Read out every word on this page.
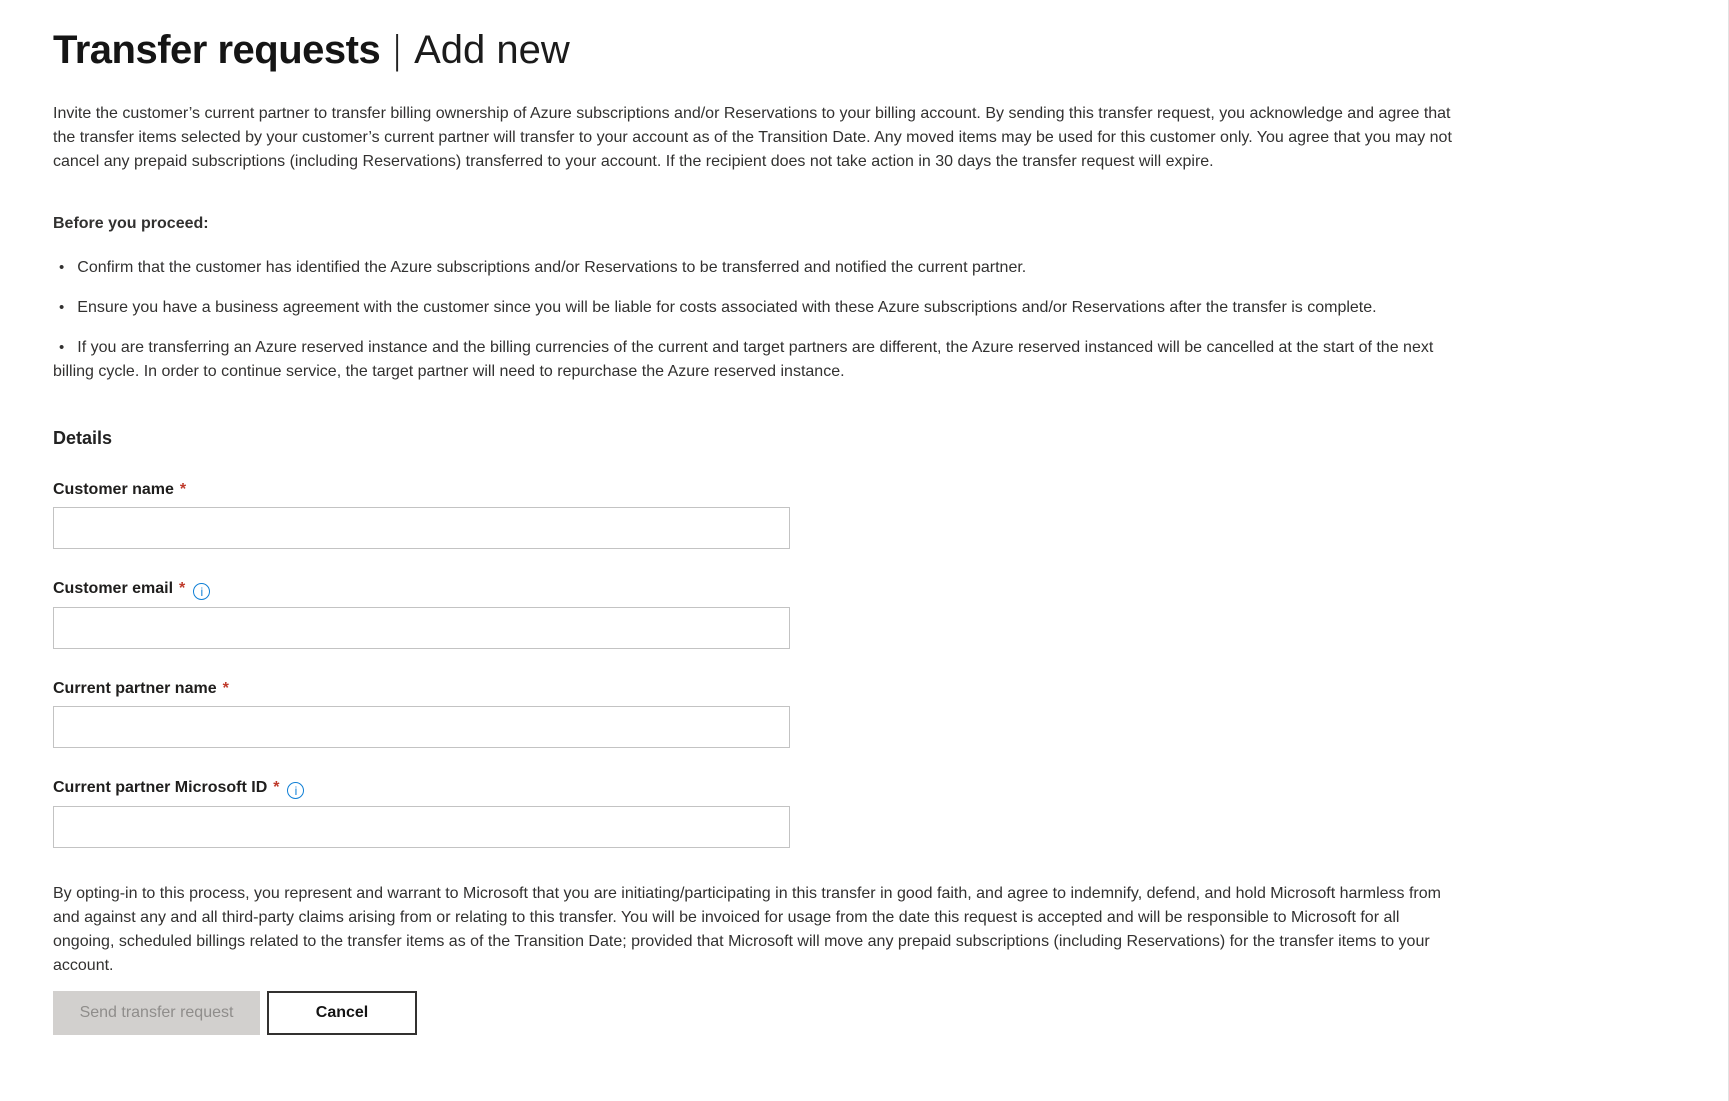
Transfer requests | Add new

Invite the customer’s current partner to transfer billing ownership of Azure subscriptions and/or Reservations to your billing account. By sending this transfer request, you acknowledge and agree that the transfer items selected by your customer’s current partner will transfer to your account as of the Transition Date. Any moved items may be used for this customer only. You agree that you may not cancel any prepaid subscriptions (including Reservations) transferred to your account. If the recipient does not take action in 30 days the transfer request will expire.

Before you proceed:

• Confirm that the customer has identified the Azure subscriptions and/or Reservations to be transferred and notified the current partner.

• Ensure you have a business agreement with the customer since you will be liable for costs associated with these Azure subscriptions and/or Reservations after the transfer is complete.

• If you are transferring an Azure reserved instance and the billing currencies of the current and target partners are different, the Azure reserved instanced will be cancelled at the start of the next billing cycle. In order to continue service, the target partner will need to repurchase the Azure reserved instance.

Details
Customer name *
Customer email * i
Current partner name *
Current partner Microsoft ID * i

By opting-in to this process, you represent and warrant to Microsoft that you are initiating/participating in this transfer in good faith, and agree to indemnify, defend, and hold Microsoft harmless from and against any and all third-party claims arising from or relating to this transfer. You will be invoiced for usage from the date this request is accepted and will be responsible to Microsoft for all ongoing, scheduled billings related to the transfer items as of the Transition Date; provided that Microsoft will move any prepaid subscriptions (including Reservations) for the transfer items to your account.

Send transfer request	Cancel
